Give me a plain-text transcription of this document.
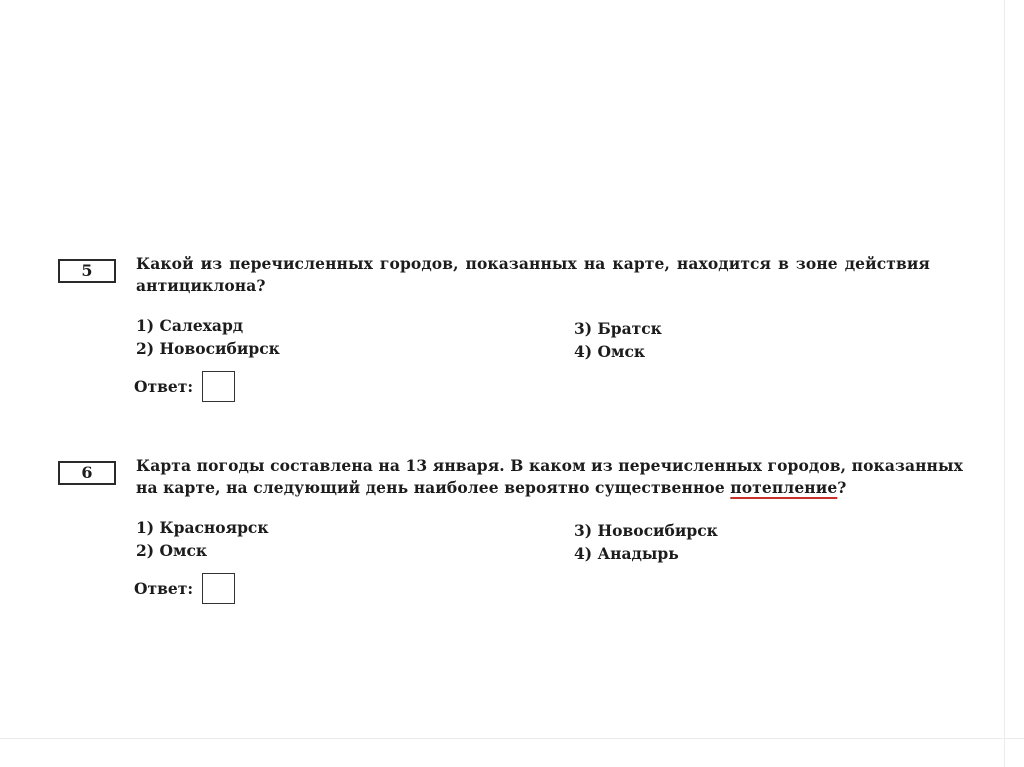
5	Какой из перечисленных городов, показанных на карте, находится в зоне действия
антициклона?
1) Салехард
2) Новосибирск
3) Братск
4) Омск
Ответ:
6	Карта погоды составлена на 13 января. В каком из перечисленных городов, показанных
на карте, на следующий день наиболее вероятно существенное потепление?
1) Красноярск
2) Омск
3) Новосибирск
4) Анадырь
Ответ:
